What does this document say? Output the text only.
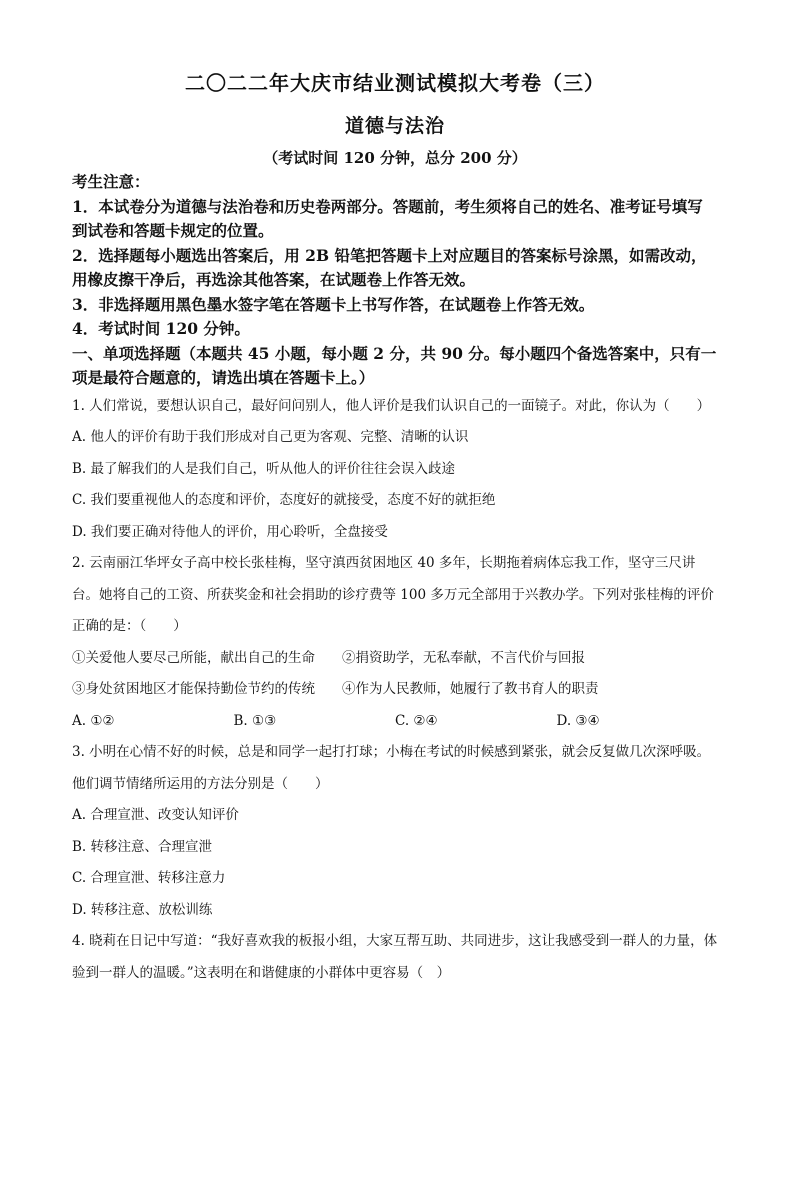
二〇二二年大庆市结业测试模拟大考卷（三）
道德与法治
（考试时间 120 分钟，总分 200 分）

考生注意：

1．本试卷分为道德与法治卷和历史卷两部分。答题前，考生须将自己的姓名、准考证号填写到试卷和答题卡规定的位置。

2．选择题每小题选出答案后，用 2B 铅笔把答题卡上对应题目的答案标号涂黑，如需改动，用橡皮擦干净后，再选涂其他答案，在试题卷上作答无效。

3．非选择题用黑色墨水签字笔在答题卡上书写作答，在试题卷上作答无效。

4．考试时间 120 分钟。

一、单项选择题（本题共 45 小题，每小题 2 分，共 90 分。每小题四个备选答案中，只有一项是最符合题意的，请选出填在答题卡上。）

1. 人们常说，要想认识自己，最好问问别人，他人评价是我们认识自己的一面镜子。对此，你认为（　　）

A. 他人的评价有助于我们形成对自己更为客观、完整、清晰的认识

B. 最了解我们的人是我们自己，听从他人的评价往往会误入歧途

C. 我们要重视他人的态度和评价，态度好的就接受，态度不好的就拒绝

D. 我们要正确对待他人的评价，用心聆听，全盘接受

2. 云南丽江华坪女子高中校长张桂梅，坚守滇西贫困地区 40 多年，长期拖着病体忘我工作，坚守三尺讲台。她将自己的工资、所获奖金和社会捐助的诊疗费等 100 多万元全部用于兴教办学。下列对张桂梅的评价正确的是：（　　）

①关爱他人要尽己所能，献出自己的生命	②捐资助学，无私奉献，不言代价与回报
③身处贫困地区才能保持勤俭节约的传统	④作为人民教师，她履行了教书育人的职责
A. ①②	B. ①③	C. ②④	D. ③④

3. 小明在心情不好的时候，总是和同学一起打打球；小梅在考试的时候感到紧张，就会反复做几次深呼吸。他们调节情绪所运用的方法分别是（　　）

A. 合理宣泄、改变认知评价

B. 转移注意、合理宣泄

C. 合理宣泄、转移注意力

D. 转移注意、放松训练

4. 晓莉在日记中写道：“我好喜欢我的板报小组，大家互帮互助、共同进步，这让我感受到一群人的力量，体验到一群人的温暖。”这表明在和谐健康的小群体中更容易（　）
